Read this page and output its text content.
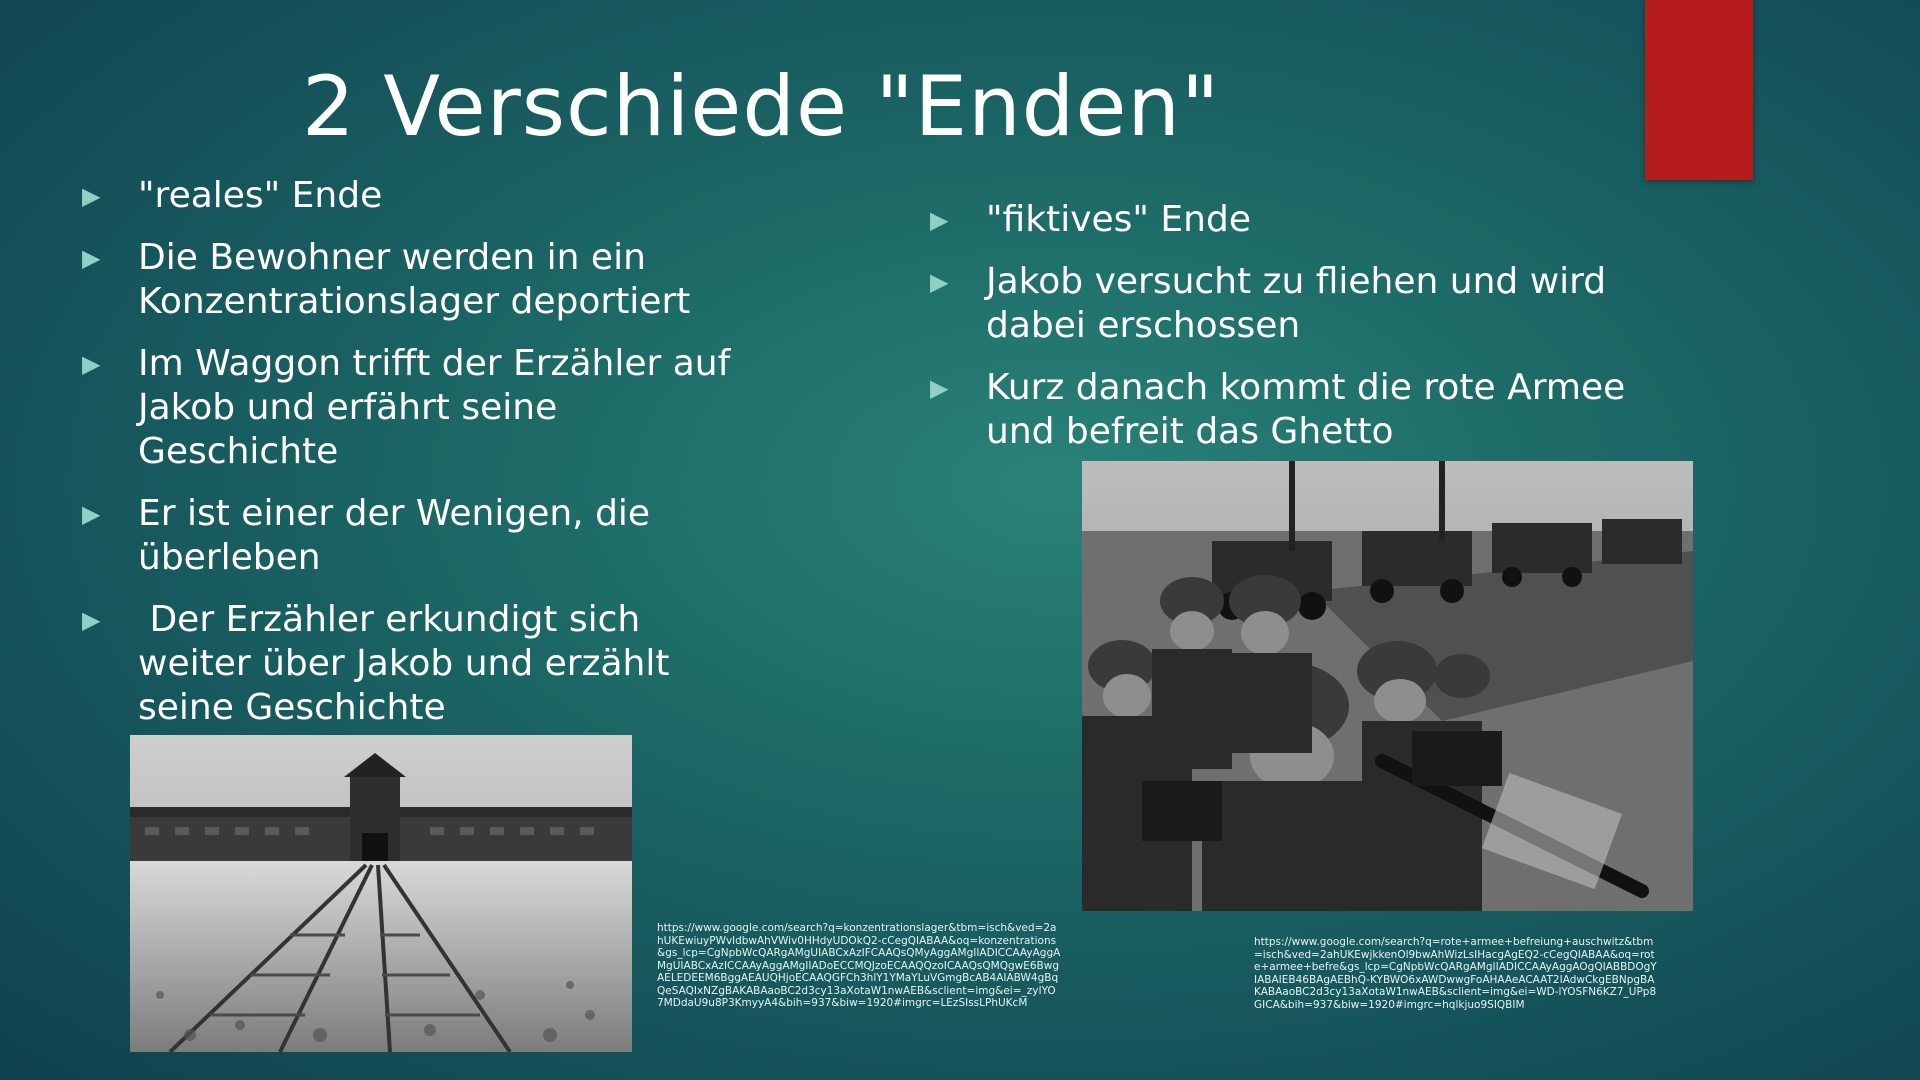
2 Verschiede "Enden"
▶	"reales" Ende
▶	Die Bewohner werden in ein Konzentrationslager deportiert
▶	Im Waggon trifft der Erzähler auf Jakob und erfährt seine Geschichte
▶	Er ist einer der Wenigen, die überleben
▶	Der Erzähler erkundigt sich weiter über Jakob und erzählt seine Geschichte
▶	"fiktives" Ende
▶	Jakob versucht zu fliehen und wird dabei erschossen
▶	Kurz danach kommt die rote Armee und befreit das Ghetto
https://www.google.com/search?q=konzentrationslager&tbm=isch&ved=2ahUKEwiuyPWvldbwAhVWiv0HHdyUDOkQ2-cCegQIABAA&oq=konzentrations&gs_lcp=CgNpbWcQARgAMgUIABCxAzIFCAAQsQMyAggAMgIIADICCAAyAggAMgUIABCxAzICCAAyAggAMgIIADoECCMQJzoECAAQQzoICAAQsQMQgwE6BwgAELEDEEM6BggAEAUQHjoECAAQGFCh3hlY1YMaYLuVGmgBcAB4AIABW4gBqQeSAQIxNZgBAKABAaoBC2d3cy13aXotaW1nwAEB&sclient=img&ei=_zyIYO7MDdaU9u8P3KmyyA4&bih=937&biw=1920#imgrc=LEzSIssLPhUKcM
https://www.google.com/search?q=rote+armee+befreiung+auschwitz&tbm=isch&ved=2ahUKEwjkkenOl9bwAhWizLsIHacgAgEQ2-cCegQIABAA&oq=rote+armee+befre&gs_lcp=CgNpbWcQARgAMgIIADICCAAyAggAOgQIABBDOgYIABAIEB46BAgAEBhQ-KYBWO6xAWDwwgFoAHAAeACAAT2IAdwCkgEBNpgBAKABAaoBC2d3cy13aXotaW1nwAEB&sclient=img&ei=WD-lYOSFN6KZ7_UPp8GICA&bih=937&biw=1920#imgrc=hqlkjuo9SIQBIM
